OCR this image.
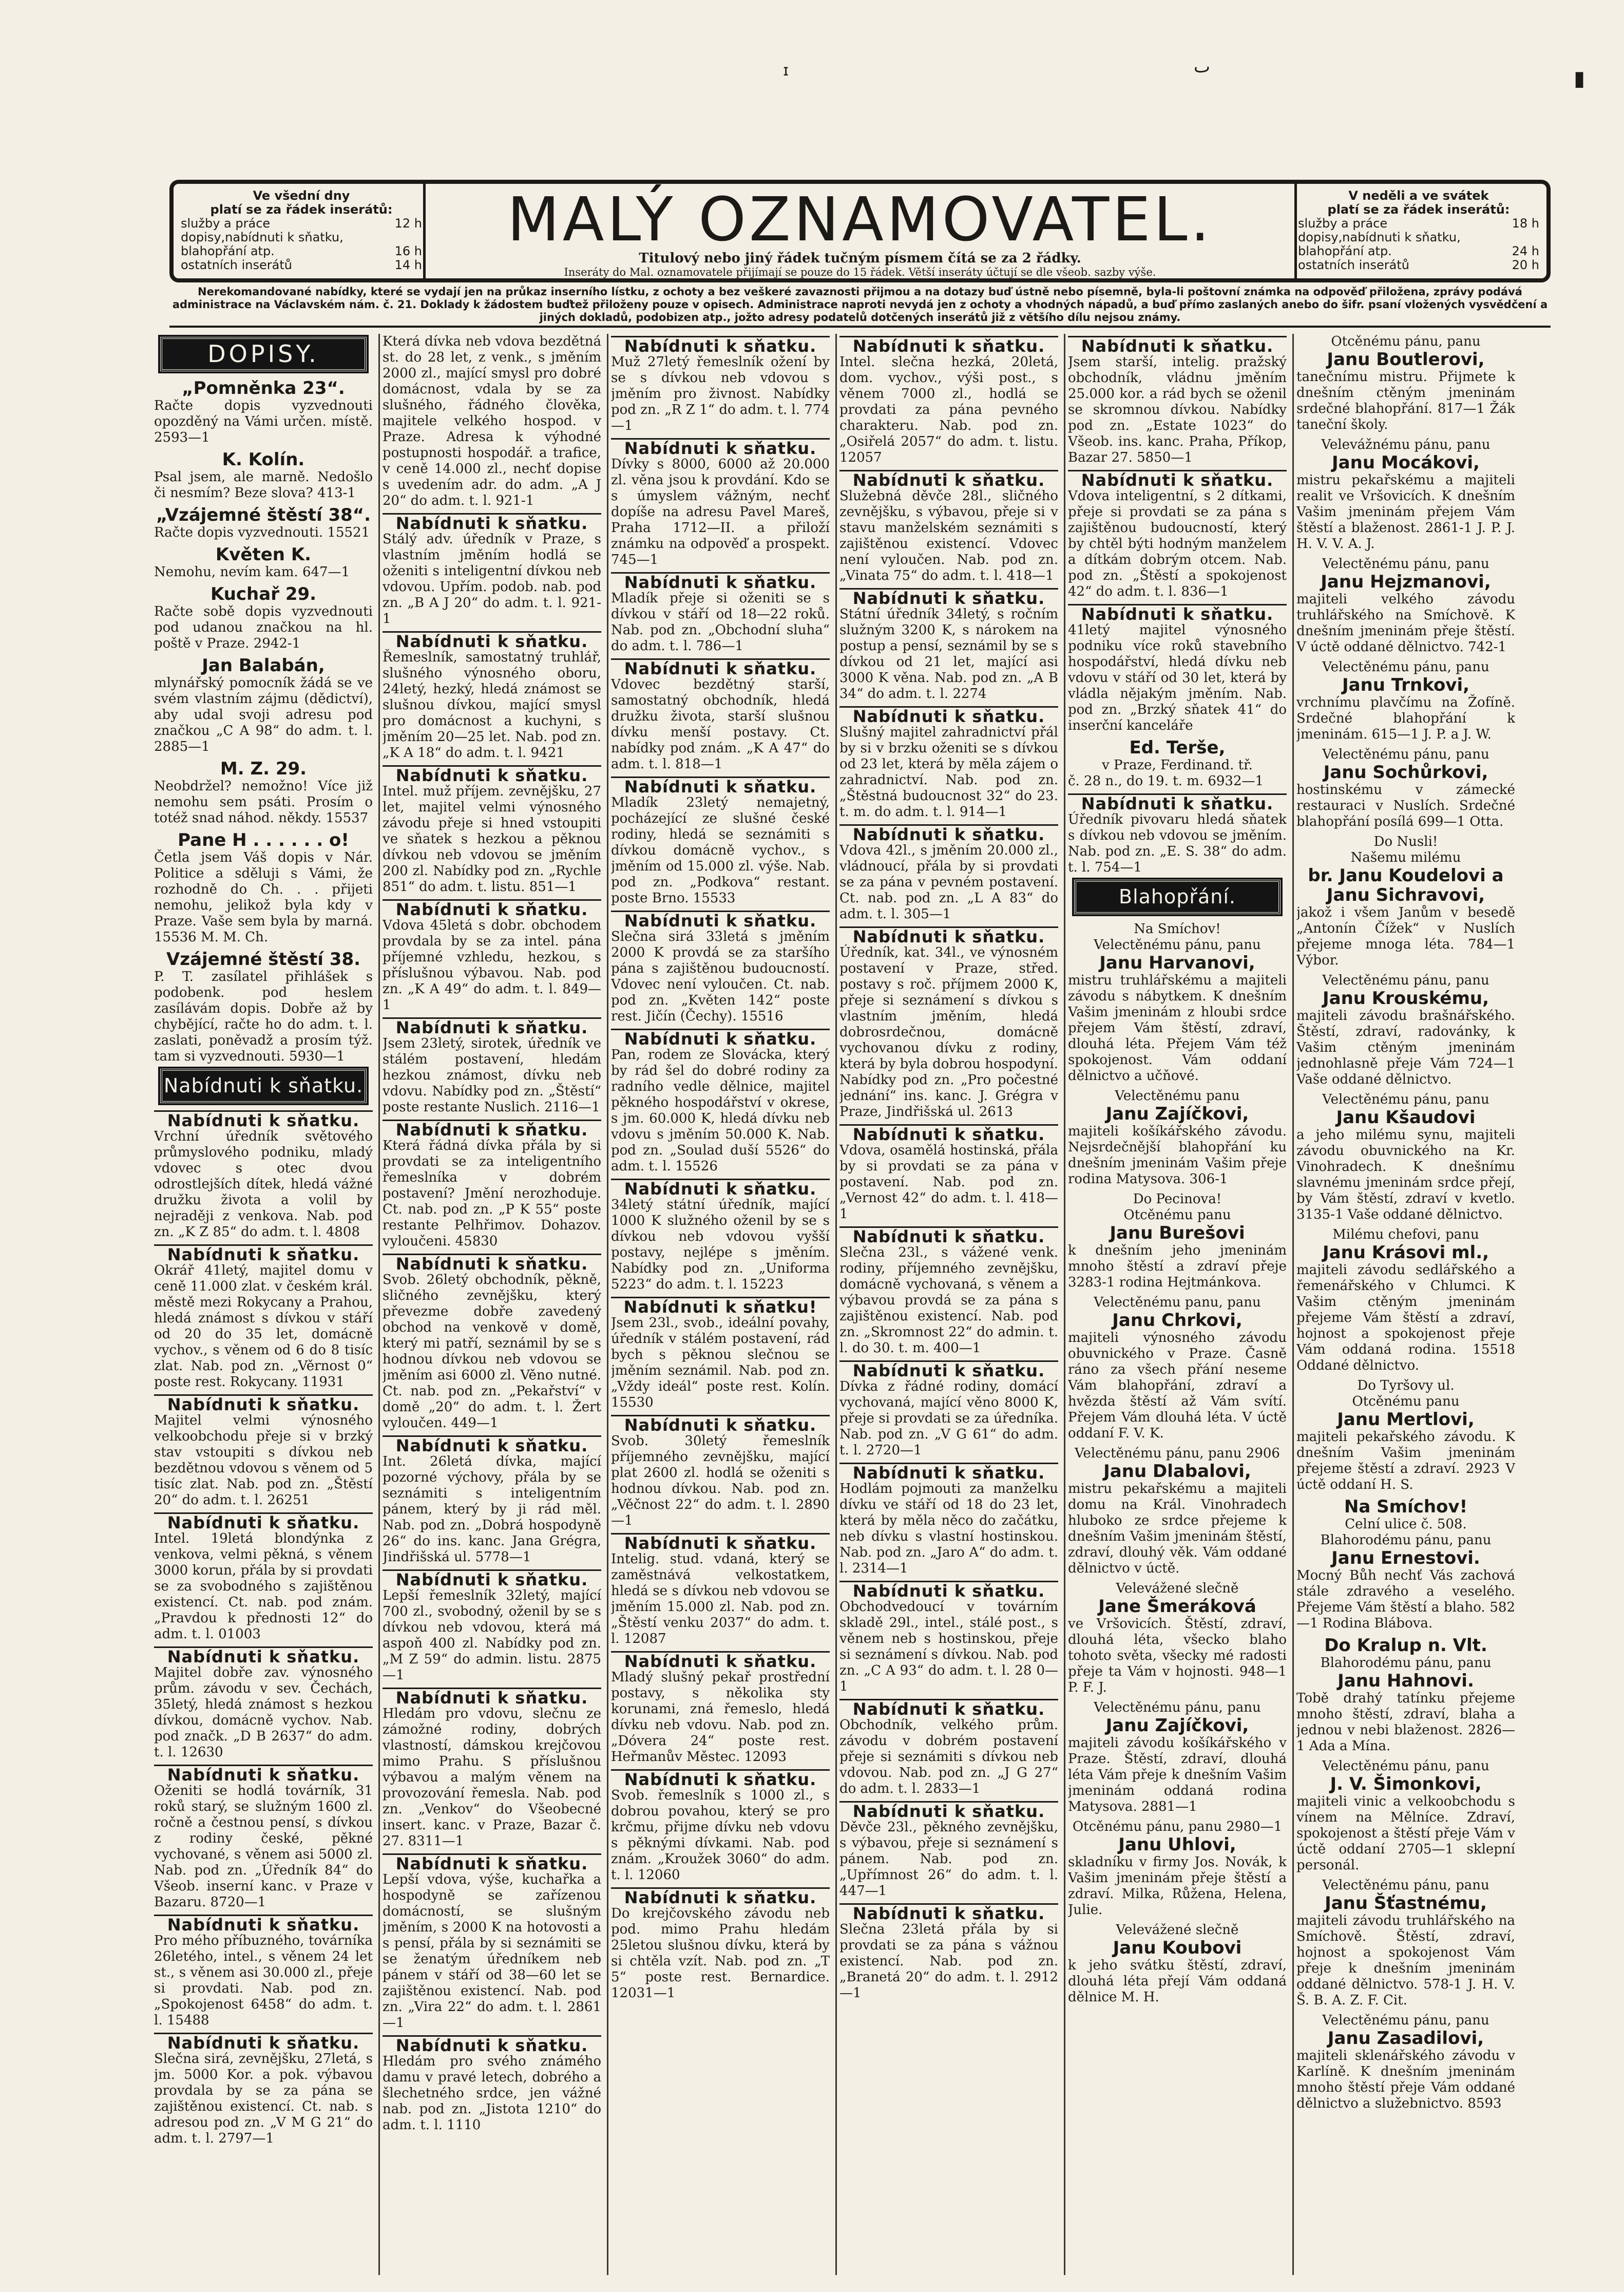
ɪ	ٮ	▮
Ve všední dny
platí se za řádek inserátů:
služby a práce	12 h
dopisy,nabídnuti k sňatku,
blahopřání atp.	16 h
ostatních inserátů	14 h
MALÝ OZNAMOVATEL.
Titulový nebo jiný řádek tučným písmem čítá se za 2 řádky.
Inseráty do Mal. oznamovatele přijímají se pouze do 15 řádek. Větší inseráty účtují se dle všeob. sazby výše.
V neděli a ve svátek
platí se za řádek inserátů:
služby a práce	18 h
dopisy,nabídnuti k sňatku,
blahopřání atp.	24 h
ostatních inserátů	20 h
Nerekomandované nabídky, které se vydají jen na průkaz inserního lístku, z ochoty a bez veškeré zavaznosti přijmou a na dotazy buď ústně nebo písemně, byla-li poštovní známka na odpověď přiložena, zprávy podává administrace na Václavském nám. č. 21. Doklady k žádostem buďtež přiloženy pouze v opisech. Administrace naproti nevydá jen z ochoty a vhodných nápadů, a buď přímo zaslaných anebo do šifr. psaní vložených vysvědčení a jiných dokladů, podobizen atp., jožto adresy podatelů dotčených inserátů již z většího dílu nejsou známy.
DOPISY.
„Pomněnka 23“.
Račte dopis vyzvednouti opozděný na Vámi určen. místě. 2593—1
K. Kolín.
Psal jsem, ale marně. Nedošlo či nesmím? Beze slova? 413-1
„Vzájemné štěstí 38“.
Račte dopis vyzvednouti. 15521
Květen K.
Nemohu, nevím kam. 647—1
Kuchař 29.
Račte sobě dopis vyzvednouti pod udanou značkou na hl. poště v Praze. 2942-1
Jan Balabán,
mlynářský pomocník žádá se ve svém vlastním zájmu (dědictví), aby udal svoji adresu pod značkou „C A 98“ do adm. t. l. 2885—1
M. Z. 29.
Neobdržel? nemožno! Více již nemohu sem psáti. Prosím o totéž snad náhod. někdy. 15537
Pane H . . . . . . o!
Četla jsem Váš dopis v Nár. Politice a sděluji s Vámi, že rozhodně do Ch. . . přijeti nemohu, jelikož byla kdy v Praze. Vaše sem byla by marná. 15536 M. M. Ch.
Vzájemné štěstí 38.
P. T. zasílatel přihlášek s podobenk. pod heslem zasílávám dopis. Dobře až by chybějící, račte ho do adm. t. l. zaslati, poněvadž a prosím týž. tam si vyzvednouti. 5930—1
Nabídnuti k sňatku.
Nabídnuti k sňatku.
Vrchní úředník světového průmyslového podniku, mladý vdovec s otec dvou odrostlejších dítek, hledá vážné družku života a volil by nejraději z venkova. Nab. pod zn. „K Z 85“ do adm. t. l. 4808
Nabídnuti k sňatku.
Okrář 41letý, majitel domu v ceně 11.000 zlat. v českém král. městě mezi Rokycany a Prahou, hledá známost s dívkou v stáří od 20 do 35 let, domácně vychov., s věnem od 6 do 8 tisíc zlat. Nab. pod zn. „Věrnost 0“ poste rest. Rokycany. 11931
Nabídnuti k sňatku.
Majitel velmi výnosného velkoobchodu přeje si v brzký stav vstoupiti s dívkou neb bezdětnou vdovou s věnem od 5 tisíc zlat. Nab. pod zn. „Štěstí 20“ do adm. t. l. 26251
Nabídnuti k sňatku.
Intel. 19letá blondýnka z venkova, velmi pěkná, s věnem 3000 korun, přála by si provdati se za svobodného s zajištěnou existencí. Ct. nab. pod znám. „Pravdou k přednosti 12“ do adm. t. l. 01003
Nabídnuti k sňatku.
Majitel dobře zav. výnosného prům. závodu v sev. Čechách, 35letý, hledá známost s hezkou dívkou, domácně vychov. Nab. pod značk. „D B 2637“ do adm. t. l. 12630
Nabídnuti k sňatku.
Oženiti se hodlá továrník, 31 roků starý, se služným 1600 zl. ročně a čestnou pensí, s dívkou z rodiny české, pěkné vychované, s věnem asi 5000 zl. Nab. pod zn. „Úředník 84“ do Všeob. inserní kanc. v Praze v Bazaru. 8720—1
Nabídnuti k sňatku.
Pro mého příbuzného, továrníka 26letého, intel., s věnem 24 let st., s věnem asi 30.000 zl., přeje si provdati. Nab. pod zn. „Spokojenost 6458“ do adm. t. l. 15488
Nabídnuti k sňatku.
Slečna sirá, zevnějšku, 27letá, s jm. 5000 Kor. a pok. výbavou provdala by se za pána se zajištěnou existencí. Ct. nab. s adresou pod zn. „V M G 21“ do adm. t. l. 2797—1
Která dívka neb vdova bezdětná st. do 28 let, z venk., s jměním 2000 zl., mající smysl pro dobré domácnost, vdala by se za slušného, řádného člověka, majitele velkého hospod. v Praze. Adresa k výhodné postupnosti hospodář. a trafice, v ceně 14.000 zl., nechť dopise s uvedením adr. do adm. „A J 20“ do adm. t. l. 921-1
Nabídnuti k sňatku.
Stálý adv. úředník v Praze, s vlastním jměním hodlá se oženiti s inteligentní dívkou neb vdovou. Upřím. podob. nab. pod zn. „B A J 20“ do adm. t. l. 921-1
Nabídnuti k sňatku.
Řemeslník, samostatný truhlář, slušného výnosného oboru, 24letý, hezký, hledá známost se slušnou dívkou, mající smysl pro domácnost a kuchyni, s jměním 20—25 let. Nab. pod zn. „K A 18“ do adm. t. l. 9421
Nabídnuti k sňatku.
Intel. muž příjem. zevnějšku, 27 let, majitel velmi výnosného závodu přeje si hned vstoupiti ve sňatek s hezkou a pěknou dívkou neb vdovou se jměním 200 zl. Nabídky pod zn. „Rychle 851“ do adm. t. listu. 851—1
Nabídnuti k sňatku.
Vdova 45letá s dobr. obchodem provdala by se za intel. pána příjemné vzhledu, hezkou, s příslušnou výbavou. Nab. pod zn. „K A 49“ do adm. t. l. 849—1
Nabídnuti k sňatku.
Jsem 23letý, sirotek, úředník ve stálém postavení, hledám hezkou známost, dívku neb vdovu. Nabídky pod zn. „Štěstí“ poste restante Nuslich. 2116—1
Nabídnuti k sňatku.
Která řádná dívka přála by si provdati se za inteligentního řemeslníka v dobrém postavení? Jmění nerozhoduje. Ct. nab. pod zn. „P K 55“ poste restante Pelhřimov. Dohazov. vyloučeni. 45830
Nabídnuti k sňatku.
Svob. 26letý obchodník, pěkně, sličného zevnějšku, který převezme dobře zavedený obchod na venkově v domě, který mi patří, seznámil by se s hodnou dívkou neb vdovou se jměním asi 6000 zl. Věno nutné. Ct. nab. pod zn. „Pekařství“ v domě „20“ do adm. t. l. Žert vyloučen. 449—1
Nabídnuti k sňatku.
Int. 26letá dívka, mající pozorné výchovy, přála by se seznámiti s inteligentním pánem, který by ji rád měl. Nab. pod zn. „Dobrá hospodyně 26“ do ins. kanc. Jana Grégra, Jindřišská ul. 5778—1
Nabídnuti k sňatku.
Lepší řemeslník 32letý, mající 700 zl., svobodný, oženil by se s dívkou neb vdovou, která má aspoň 400 zl. Nabídky pod zn. „M Z 59“ do admin. listu. 2875—1
Nabídnuti k sňatku.
Hledám pro vdovu, slečnu ze zámožné rodiny, dobrých vlastností, dámskou krejčovou mimo Prahu. S příslušnou výbavou a malým věnem na provozování řemesla. Nab. pod zn. „Venkov“ do Všeobecné insert. kanc. v Praze, Bazar č. 27. 8311—1
Nabídnuti k sňatku.
Lepší vdova, výše, kuchařka a hospodyně se zařízenou domácností, se slušným jměním, s 2000 K na hotovosti a s pensí, přála by si seznámiti se se ženatým úředníkem neb pánem v stáří od 38—60 let se zajištěnou existencí. Nab. pod zn. „Vira 22“ do adm. t. l. 2861—1
Nabídnuti k sňatku.
Hledám pro svého známého damu v pravé letech, dobrého a šlechetného srdce, jen vážné nab. pod zn. „Jistota 1210“ do adm. t. l. 1110
Nabídnuti k sňatku.
Muž 27letý řemeslník ožení by se s dívkou neb vdovou s jměním pro živnost. Nabídky pod zn. „R Z 1“ do adm. t. l. 774—1
Nabídnuti k sňatku.
Dívky s 8000, 6000 až 20.000 zl. věna jsou k provdání. Kdo se s úmyslem vážným, nechť dopíše na adresu Pavel Mareš, Praha 1712—II. a přiloží známku na odpověď a prospekt. 745—1
Nabídnuti k sňatku.
Mladík přeje si oženiti se s dívkou v stáří od 18—22 roků. Nab. pod zn. „Obchodní sluha“ do adm. t. l. 786—1
Nabídnuti k sňatku.
Vdovec bezdětný starší, samostatný obchodník, hledá družku života, starší slušnou dívku menší postavy. Ct. nabídky pod znám. „K A 47“ do adm. t. l. 818—1
Nabídnuti k sňatku.
Mladík 23letý nemajetný, pocházející ze slušné české rodiny, hledá se seznámiti s dívkou domácně vychov., s jměním od 15.000 zl. výše. Nab. pod zn. „Podkova“ restant. poste Brno. 15533
Nabídnuti k sňatku.
Slečna sirá 33letá s jměním 2000 K provdá se za staršího pána s zajištěnou budoucností. Vdovec není vyloučen. Ct. nab. pod zn. „Květen 142“ poste rest. Jičín (Čechy). 15516
Nabídnuti k sňatku.
Pan, rodem ze Slovácka, který by rád šel do dobré rodiny za radního vedle dělnice, majitel pěkného hospodářství v okrese, s jm. 60.000 K, hledá dívku neb vdovu s jměním 50.000 K. Nab. pod zn. „Soulad duší 5526“ do adm. t. l. 15526
Nabídnuti k sňatku.
34letý státní úředník, mající 1000 K služného oženil by se s dívkou neb vdovou vyšší postavy, nejlépe s jměním. Nabídky pod zn. „Uniforma 5223“ do adm. t. l. 15223
Nabídnuti k sňatku!
Jsem 23l., svob., ideální povahy, úředník v stálém postavení, rád bych s pěknou slečnou se jměním seznámil. Nab. pod zn. „Vždy ideál“ poste rest. Kolín. 15530
Nabídnuti k sňatku.
Svob. 30letý řemeslník příjemného zevnějšku, mající plat 2600 zl. hodlá se oženiti s hodnou dívkou. Nab. pod zn. „Věčnost 22“ do adm. t. l. 2890—1
Nabídnuti k sňatku.
Intelig. stud. vdaná, který se zaměstnává velkostatkem, hledá se s dívkou neb vdovou se jměním 15.000 zl. Nab. pod zn. „Štěstí venku 2037“ do adm. t. l. 12087
Nabídnuti k sňatku.
Mladý slušný pekař prostřední postavy, s několika sty korunami, zná řemeslo, hledá dívku neb vdovu. Nab. pod zn. „Dóvera 24“ poste rest. Heřmanův Městec. 12093
Nabídnuti k sňatku.
Svob. řemeslník s 1000 zl., s dobrou povahou, který se pro krčmu, přijme dívku neb vdovu s pěknými dívkami. Nab. pod znám. „Kroužek 3060“ do adm. t. l. 12060
Nabídnuti k sňatku.
Do krejčovského závodu neb pod. mimo Prahu hledám 25letou slušnou dívku, která by si chtěla vzít. Nab. pod zn. „T 5“ poste rest. Bernardice. 12031—1
Nabídnuti k sňatku.
Intel. slečna hezká, 20letá, dom. vychov., výši post., s věnem 7000 zl., hodlá se provdati za pána pevného charakteru. Nab. pod zn. „Osiřelá 2057“ do adm. t. listu. 12057
Nabídnuti k sňatku.
Služebná děvče 28l., sličného zevnějšku, s výbavou, přeje si v stavu manželském seznámiti s zajištěnou existencí. Vdovec není vyloučen. Nab. pod zn. „Vinata 75“ do adm. t. l. 418—1
Nabídnuti k sňatku.
Státní úředník 34letý, s ročním služným 3200 K, s nárokem na postup a pensí, seznámil by se s dívkou od 21 let, mající asi 3000 K věna. Nab. pod zn. „A B 34“ do adm. t. l. 2274
Nabídnuti k sňatku.
Slušný majitel zahradnictví přál by si v brzku oženiti se s dívkou od 23 let, která by měla zájem o zahradnictví. Nab. pod zn. „Štěstná budoucnost 32“ do 23. t. m. do adm. t. l. 914—1
Nabídnuti k sňatku.
Vdova 42l., s jměním 20.000 zl., vládnoucí, přála by si provdati se za pána v pevném postavení. Ct. nab. pod zn. „L A 83“ do adm. t. l. 305—1
Nabídnuti k sňatku.
Úředník, kat. 34l., ve výnosném postavení v Praze, střed. postavy s roč. příjmem 2000 K, přeje si seznámení s dívkou s vlastním jměním, hledá dobrosrdečnou, domácně vychovanou dívku z rodiny, která by byla dobrou hospodyní. Nabídky pod zn. „Pro počestné jednání“ ins. kanc. J. Grégra v Praze, Jindřišská ul. 2613
Nabídnuti k sňatku.
Vdova, osamělá hostinská, přála by si provdati se za pána v postavení. Nab. pod zn. „Vernost 42“ do adm. t. l. 418—1
Nabídnuti k sňatku.
Slečna 23l., s vážené venk. rodiny, příjemného zevnějšku, domácně vychovaná, s věnem a výbavou provdá se za pána s zajištěnou existencí. Nab. pod zn. „Skromnost 22“ do admin. t. l. do 30. t. m. 400—1
Nabídnuti k sňatku.
Dívka z řádné rodiny, domácí vychovaná, mající věno 8000 K, přeje si provdati se za úředníka. Nab. pod zn. „V G 61“ do adm. t. l. 2720—1
Nabídnuti k sňatku.
Hodlám pojmouti za manželku dívku ve stáří od 18 do 23 let, která by měla něco do začátku, neb dívku s vlastní hostinskou. Nab. pod zn. „Jaro A“ do adm. t. l. 2314—1
Nabídnuti k sňatku.
Obchodvedoucí v továrním skladě 29l., intel., stálé post., s věnem neb s hostinskou, přeje si seznámení s dívkou. Nab. pod zn. „C A 93“ do adm. t. l. 28 0—1
Nabídnuti k sňatku.
Obchodník, velkého prům. závodu v dobrém postavení přeje si seznámiti s dívkou neb vdovou. Nab. pod zn. „J G 27“ do adm. t. l. 2833—1
Nabídnuti k sňatku.
Děvče 23l., pěkného zevnějšku, s výbavou, přeje si seznámení s pánem. Nab. pod zn. „Upřímnost 26“ do adm. t. l. 447—1
Nabídnuti k sňatku.
Slečna 23letá přála by si provdati se za pána s vážnou existencí. Nab. pod zn. „Branetá 20“ do adm. t. l. 2912—1
Nabídnuti k sňatku.
Jsem starší, intelig. pražský obchodník, vládnu jměním 25.000 kor. a rád bych se oženil se skromnou dívkou. Nabídky pod zn. „Estate 1023“ do Všeob. ins. kanc. Praha, Příkop, Bazar 27. 5850—1
Nabídnuti k sňatku.
Vdova inteligentní, s 2 dítkami, přeje si provdati se za pána s zajištěnou budoucností, který by chtěl býti hodným manželem a dítkám dobrým otcem. Nab. pod zn. „Štěstí a spokojenost 42“ do adm. t. l. 836—1
Nabídnuti k sňatku.
41letý majitel výnosného podniku více roků stavebního hospodářství, hledá dívku neb vdovu v stáří od 30 let, která by vládla nějakým jměním. Nab. pod zn. „Brzký sňatek 41“ do inserční kanceláře
Ed. Terše,
v Praze, Ferdinand. tř.
č. 28 n., do 19. t. m. 6932—1
Nabídnuti k sňatku.
Úředník pivovaru hledá sňatek s dívkou neb vdovou se jměním. Nab. pod zn. „E. S. 38“ do adm. t. l. 754—1
Blahopřání.
Na Smíchov!
Velectěnému pánu, panu
Janu Harvanovi,
mistru truhlářskému a majiteli závodu s nábytkem. K dnešním Vašim jmeninám z hloubi srdce přejem Vám štěstí, zdraví, dlouhá léta. Přejem Vám též spokojenost. Vám oddaní dělnictvo a učňové.
Velectěnému panu
Janu Zajíčkovi,
majiteli košíkářského závodu. Nejsrdečnější blahopřání ku dnešním jmeninám Vašim přeje rodina Matysova. 306-1
Do Pecinova!
Otcěnému panu
Janu Burešovi
k dnešním jeho jmeninám mnoho štěstí a zdraví přeje 3283-1 rodina Hejtmánkova.
Velectěnému panu, panu
Janu Chrkovi,
majiteli výnosného závodu obuvnického v Praze. Časně ráno za všech přání neseme Vám blahopřání, zdraví a hvězda štěstí až Vám svítí. Přejem Vám dlouhá léta. V úctě oddaní F. V. K.
Velectěnému pánu, panu 2906
Janu Dlabalovi,
mistru pekařskému a majiteli domu na Král. Vinohradech hluboko ze srdce přejeme k dnešním Vašim jmeninám štěstí, zdraví, dlouhý věk. Vám oddané dělnictvo v úctě.
Velevážené slečně
Jane Šmeráková
ve Vršovicích. Štěstí, zdraví, dlouhá léta, všecko blaho tohoto světa, všecky mé radosti přeje ta Vám v hojnosti. 948—1 P. F. J.
Velectěnému pánu, panu
Janu Zajíčkovi,
majiteli závodu košíkářského v Praze. Štěstí, zdraví, dlouhá léta Vám přeje k dnešním Vašim jmeninám oddaná rodina Matysova. 2881—1
Otcěnému pánu, panu 2980—1
Janu Uhlovi,
skladníku v firmy Jos. Novák, k Vašim jmeninám přeje štěstí a zdraví. Milka, Růžena, Helena, Julie.
Velevážené slečně
Janu Koubovi
k jeho svátku štěstí, zdraví, dlouhá léta přejí Vám oddaná dělnice M. H.
Otcěnému pánu, panu
Janu Boutlerovi,
tanečnímu mistru. Přijmete k dnešním ctěným jmeninám srdečné blahopřání. 817—1 Žák taneční školy.
Velevážnému pánu, panu
Janu Mocákovi,
mistru pekařskému a majiteli realit ve Vršovicích. K dnešním Vašim jmeninám přejem Vám štěstí a blaženost. 2861-1 J. P. J. H. V. V. A. J.
Velectěnému pánu, panu
Janu Hejzmanovi,
majiteli velkého závodu truhlářského na Smíchově. K dnešním jmeninám přeje štěstí. V úctě oddané dělnictvo. 742-1
Velectěnému pánu, panu
Janu Trnkovi,
vrchnímu plavčímu na Žofíně. Srdečné blahopřání k jmeninám. 615—1 J. P. a J. W.
Velectěnému pánu, panu
Janu Sochůrkovi,
hostinskému v zámecké restauraci v Nuslích. Srdečné blahopřání posílá 699—1 Otta.
Do Nusli!
Našemu milému
br. Janu Koudelovi a Janu Sichravovi,
jakož i všem Janům v besedě „Antonín Čížek“ v Nuslích přejeme mnoga léta. 784—1 Výbor.
Velectěnému pánu, panu
Janu Krouskému,
majiteli závodu brašnářského. Štěstí, zdraví, radovánky, k Vašim ctěným jmeninám jednohlasně přeje Vám 724—1 Vaše oddané dělnictvo.
Velectěnému pánu, panu
Janu Kšaudovi
a jeho milému synu, majiteli závodu obuvnického na Kr. Vinohradech. K dnešnímu slavnému jmeninám srdce přejí, by Vám štěstí, zdraví v kvetlo. 3135-1 Vaše oddané dělnictvo.
Milému chefovi, panu
Janu Krásovi ml.,
majiteli závodu sedlářského a řemenářského v Chlumci. K Vašim ctěným jmeninám přejeme Vám štěstí a zdraví, hojnost a spokojenost přeje Vám oddaná rodina. 15518 Oddané dělnictvo.
Do Tyršovy ul.
Otcěnému panu
Janu Mertlovi,
majiteli pekařského závodu. K dnešním Vašim jmeninám přejeme štěstí a zdraví. 2923 V úctě oddaní H. S.
Na Smíchov!
Celní ulice č. 508.
Blahorodému pánu, panu
Janu Ernestovi.
Mocný Bůh nechť Vás zachová stále zdravého a veselého. Přejeme Vám štěstí a blaho. 582—1 Rodina Blábova.
Do Kralup n. Vlt.
Blahorodému pánu, panu
Janu Hahnovi.
Tobě drahý tatínku přejeme mnoho štěstí, zdraví, blaha a jednou v nebi blaženost. 2826—1 Ada a Mína.
Velectěnému pánu, panu
J. V. Šimonkovi,
majiteli vinic a velkoobchodu s vínem na Mělníce. Zdraví, spokojenost a štěstí přeje Vám v úctě oddaní 2705—1 sklepní personál.
Velectěnému pánu, panu
Janu Šťastnému,
majiteli závodu truhlářského na Smíchově. Štěstí, zdraví, hojnost a spokojenost Vám přeje k dnešním jmeninám oddané dělnictvo. 578-1 J. H. V. Š. B. A. Z. F. Cit.
Velectěnému pánu, panu
Janu Zasadilovi,
majiteli sklenářského závodu v Karlíně. K dnešním jmeninám mnoho štěstí přeje Vám oddané dělnictvo a služebnictvo. 8593
